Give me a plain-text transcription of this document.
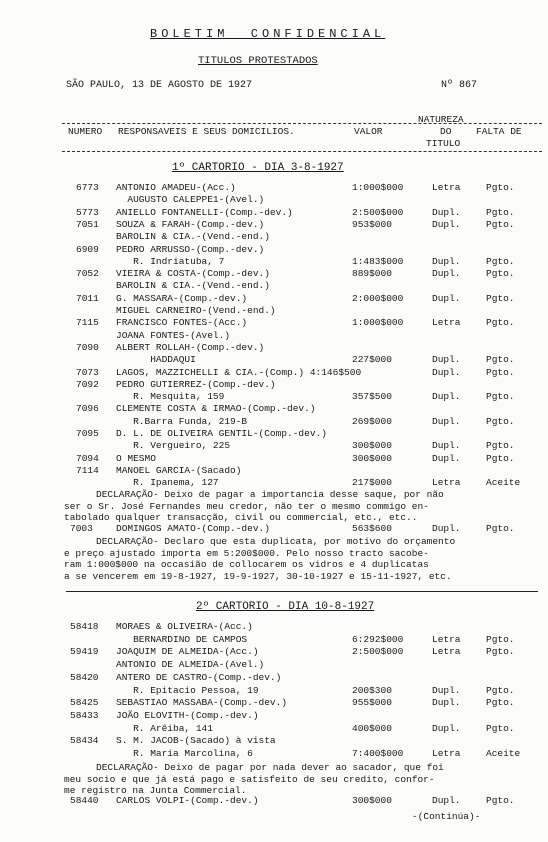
BOLETIM  CONFIDENCIAL
TITULOS PROTESTADOS
SÃO PAULO, 13 DE AGOSTO DE 1927	Nº 867
NUMERO RESPONSAVEIS E SEUS DOMICILIOS.	VALOR
NATUREZA
DO
TITULO
FALTA DE
1º CARTORIO - DIA 3-8-1927
6773 ANTONIO AMADEU-(Acc.)	1:000$000	Letra	Pgto.
AUGUSTO CALEPPE1-(Avel.)
5773 ANIELLO FONTANELLI-(Comp.-dev.)	2:500$000	Dupl.	Pgto.
7051 SOUZA & FARAH-(Comp.-dev.)	953$000	Dupl.	Pgto.
BAROLIN & CIA.-(Vend.-end.)
6909 PEDRO ARRUSSO-(Comp.-dev.)
R. Indriatuba, 7	1:483$000	Dupl.	Pgto.
7052 VIEIRA & COSTA-(Comp.-dev.)	889$000	Dupl.	Pgto.
BAROLIN & CIA.-(Vend.-end.)
7011 G. MASSARA-(Comp.-dev.)	2:000$000	Dupl.	Pgto.
MIGUEL CARNEIRO-(Vend.-end.)
7115 FRANCISCO FONTES-(Acc.)	1:000$000	Letra	Pgto.
JOANA FONTES-(Avel.)
7090 ALBERT ROLLAH-(Comp.-dev.)
HADDAQUI	227$000	Dupl.	Pgto.
7073 LAGOS, MAZZICHELLI & CIA.-(Comp.) 4:146$500	Dupl.	Pgto.
7092 PEDRO GUTIERREZ-(Comp.-dev.)
R. Mesquita, 159	357$500	Dupl.	Pgto.
7096 CLEMENTE COSTA & IRMAO-(Comp.-dev.)
R.Barra Funda, 219-B	269$000	Dupl.	Pgto.
7095 D. L. DE OLIVEIRA GENTIL-(Comp.-dev.)
R. Vergueiro, 225	300$000	Dupl.	Pgto.
7094 O MESMO	300$000	Dupl.	Pgto.
7114 MANOEL GARCIA-(Sacado)
R. Ipanema, 127	217$000	Letra	Aceite
DECLARAÇÃO- Deixo de pagar a importancia desse saque, por não
ser o Sr. José Fernandes meu credor, não ter o mesmo commigo en-
tabolado qualquer transacção, civil ou commercial, etc., etc..
7003 DOMINGOS AMATO-(Comp.-dev.)	563$600	Dupl.	Pgto.
DECLARAÇÃO- Declaro que esta duplicata, por motivo do orçamento
e preço ajustado importa em 5:200$000. Pelo nosso tracto sacobe-
ram 1:000$000 na occasião de collocarem os vidros e 4 duplicatas
a se vencerem em 19-8-1927, 19-9-1927, 30-10-1927 e 15-11-1927, etc.
2º CARTORIO - DIA 10-8-1927
58418 MORAES & OLIVEIRA-(Acc.)
BERNARDINO DE CAMPOS	6:292$000	Letra	Pgto.
59419 JOAQUIM DE ALMEIDA-(Acc.)	2:500$000	Letra	Pgto.
ANTONIO DE ALMEIDA-(Avel.)
58420 ANTERO DE CASTRO-(Comp.-dev.)
R. Epitacio Pessoa, 19	200$300	Dupl.	Pgto.
58425 SEBASTIAO MASSABA-(Comp.-dev.)	955$000	Dupl.	Pgto.
58433 JOÃO ELOVITH-(Comp.-dev.)
R. Arêiba, 141	400$000	Dupl.	Pgto.
58434 S. M. JACOB-(Sacado) à vista
R. Maria Marcolina, 6	7:400$000	Letra	Aceite
DECLARAÇÃO- Deixo de pagar por nada dever ao sacador, que foi
meu socio e que já está pago e satisfeito de seu credito, confor-
me registro na Junta Commercial.
58440 CARLOS VOLPI-(Comp.-dev.)	300$000	Dupl.	Pgto.
-(Continúa)-
